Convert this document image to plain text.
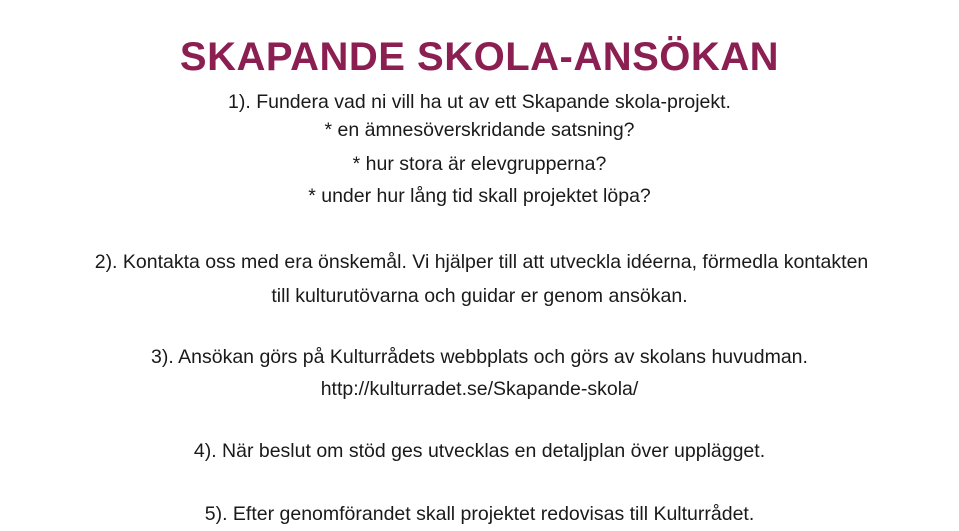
SKAPANDE SKOLA-ANSÖKAN
1). Fundera vad ni vill ha ut av ett Skapande skola-projekt.
* en ämnesöverskridande satsning?
* hur stora är elevgrupperna?
* under hur lång tid skall projektet löpa?
2). Kontakta oss med era önskemål. Vi hjälper till att utveckla idéerna, förmedla kontakten
till kulturutövarna och guidar er genom ansökan.
3). Ansökan görs på Kulturrådets webbplats och görs av skolans huvudman.
http://kulturradet.se/Skapande-skola/
4). När beslut om stöd ges utvecklas en detaljplan över upplägget.
5). Efter genomförandet skall projektet redovisas till Kulturrådet.
